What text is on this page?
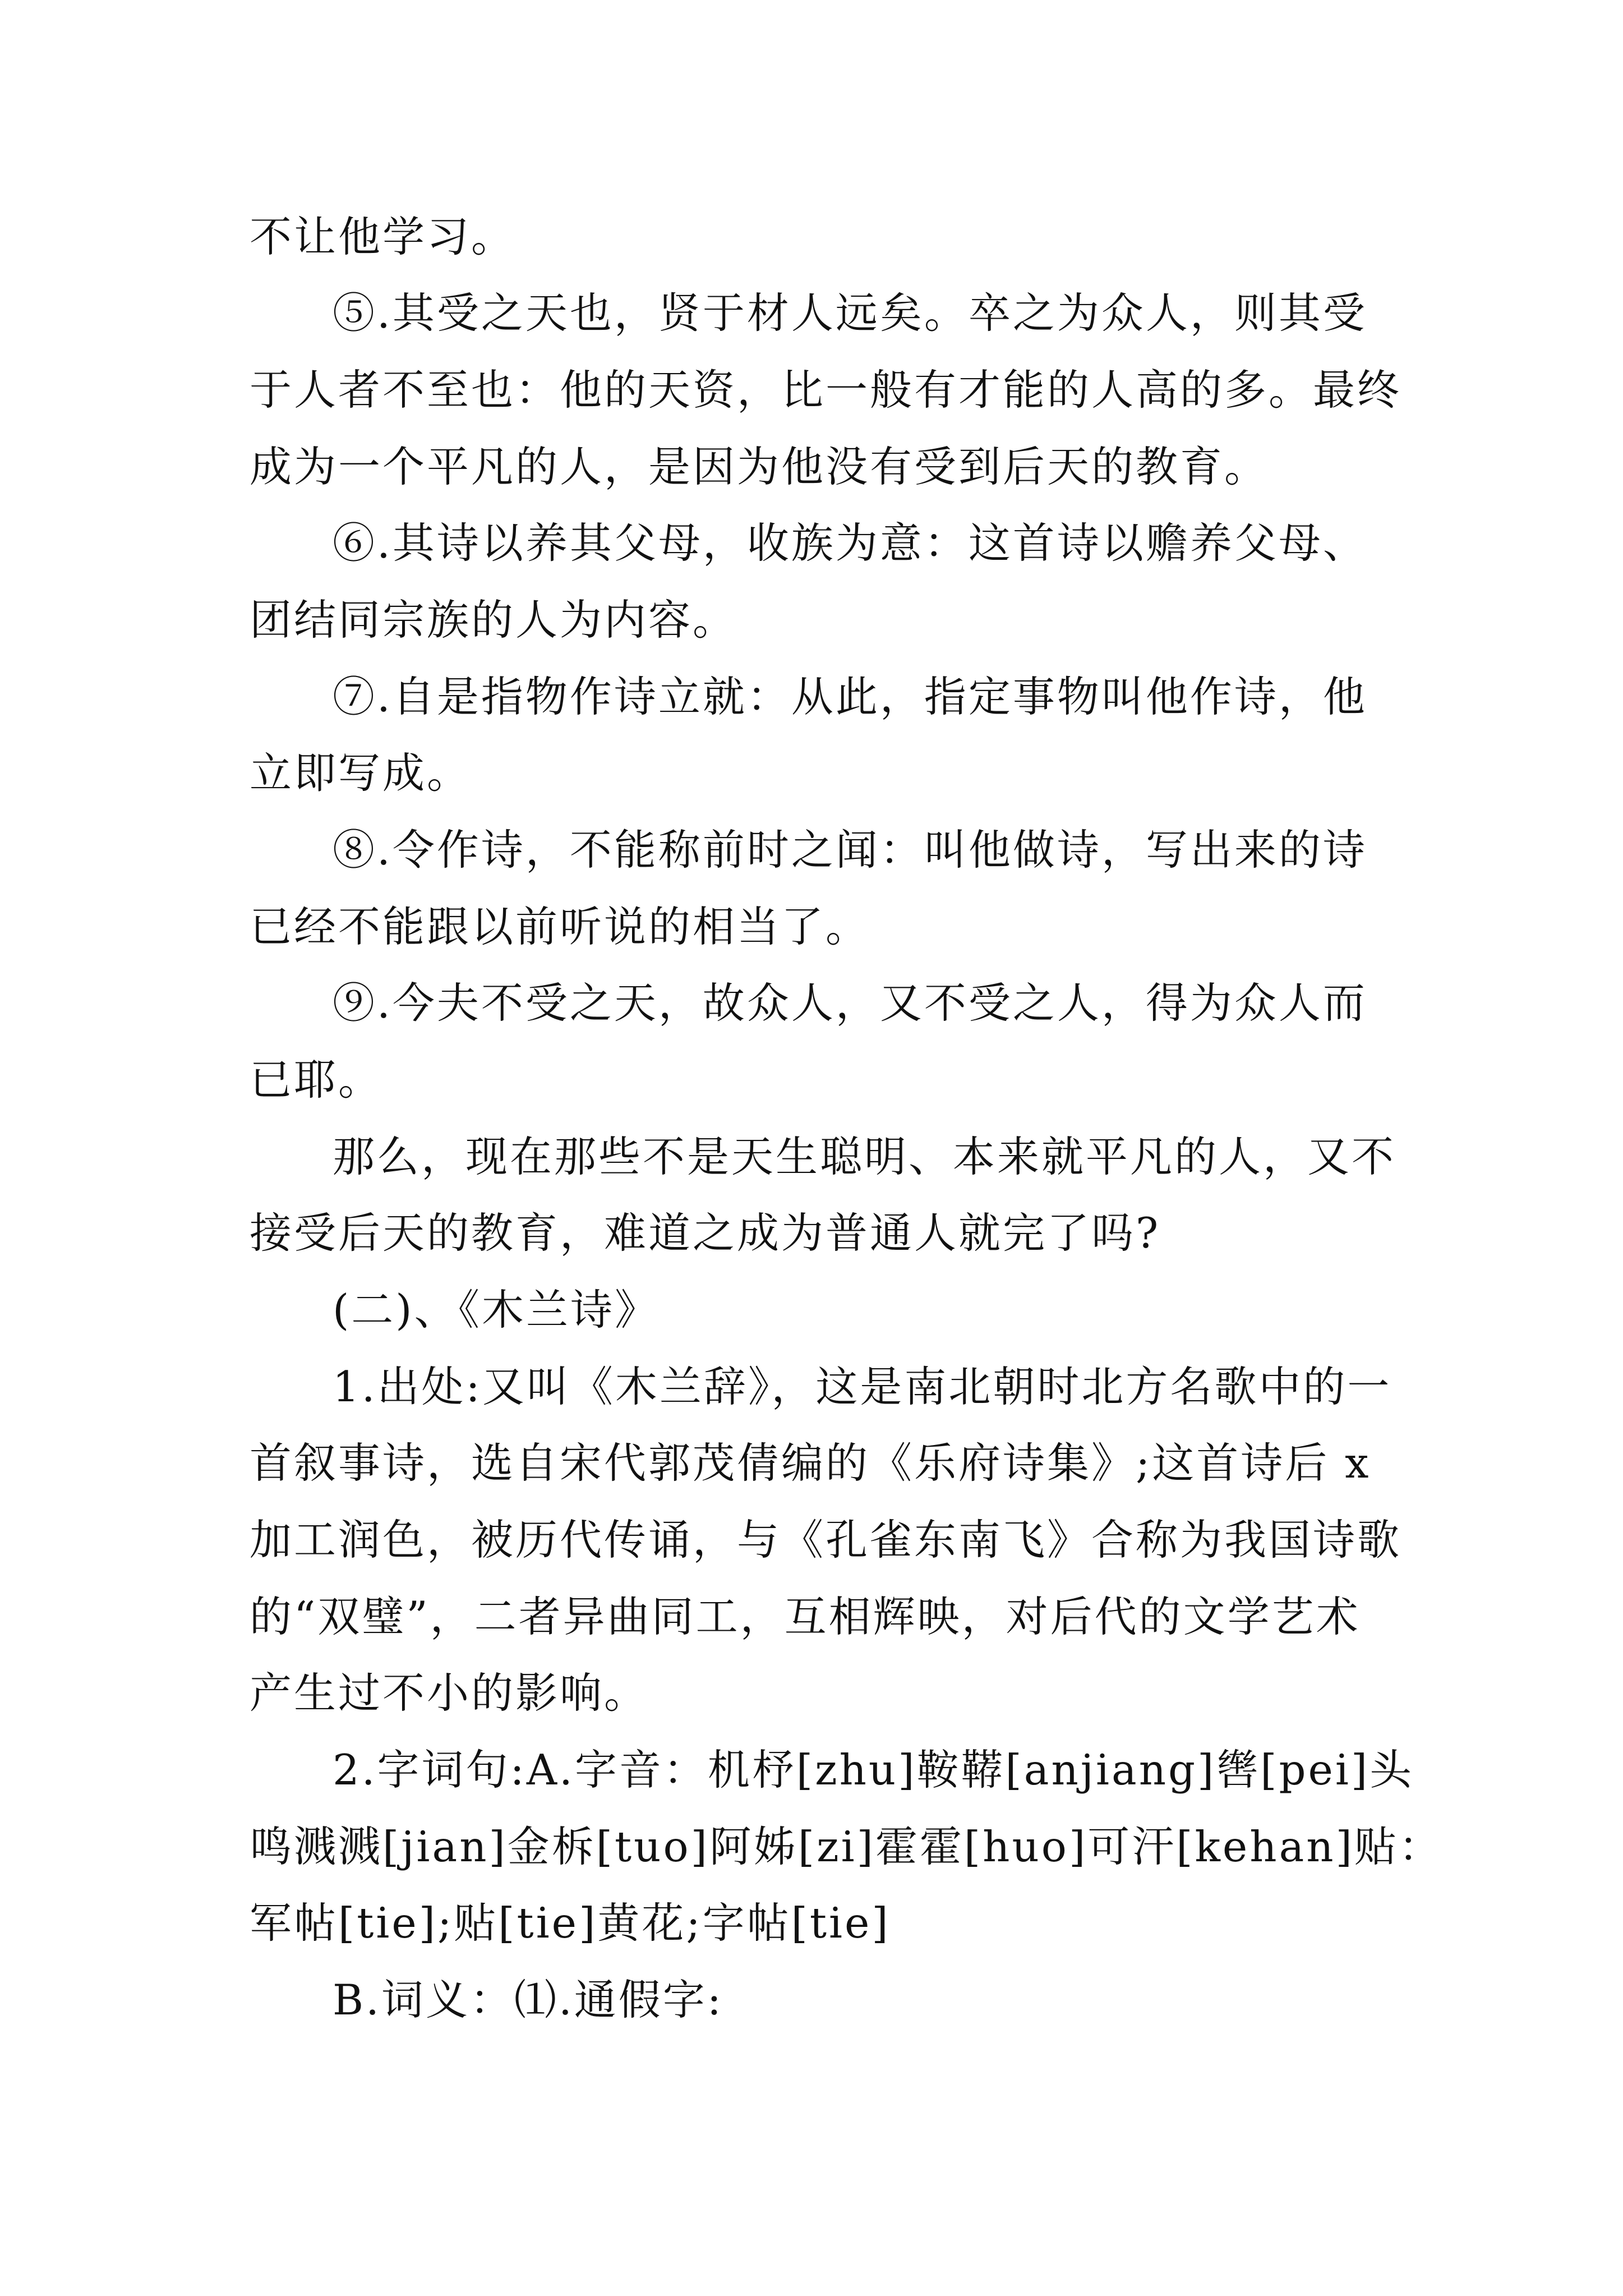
不让他学习。
⑤.其受之天也，贤于材人远矣。卒之为众人，则其受
于人者不至也：他的天资，比一般有才能的人高的多。最终
成为一个平凡的人，是因为他没有受到后天的教育。
⑥.其诗以养其父母，收族为意：这首诗以赡养父母、
团结同宗族的人为内容。
⑦.自是指物作诗立就：从此，指定事物叫他作诗，他
立即写成。
⑧.令作诗，不能称前时之闻：叫他做诗，写出来的诗
已经不能跟以前听说的相当了。
⑨.今夫不受之天，故众人，又不受之人，得为众人而
已耶。
那么，现在那些不是天生聪明、本来就平凡的人，又不
接受后天的教育，难道之成为普通人就完了吗?
(二)、《木兰诗》
1.出处:又叫《木兰辞》，这是南北朝时北方名歌中的一
首叙事诗，选自宋代郭茂倩编的《乐府诗集》;这首诗后 x
加工润色，被历代传诵，与《孔雀东南飞》合称为我国诗歌
的“双璧”，二者异曲同工，互相辉映，对后代的文学艺术
产生过不小的影响。
2.字词句:A.字音：机杼[zhu]鞍鞯[anjiang]辔[pei]头
鸣溅溅[jian]金柝[tuo]阿姊[zi]霍霍[huo]可汗[kehan]贴：
军帖[tie];贴[tie]黄花;字帖[tie]
B.词义：⑴.通假字:
